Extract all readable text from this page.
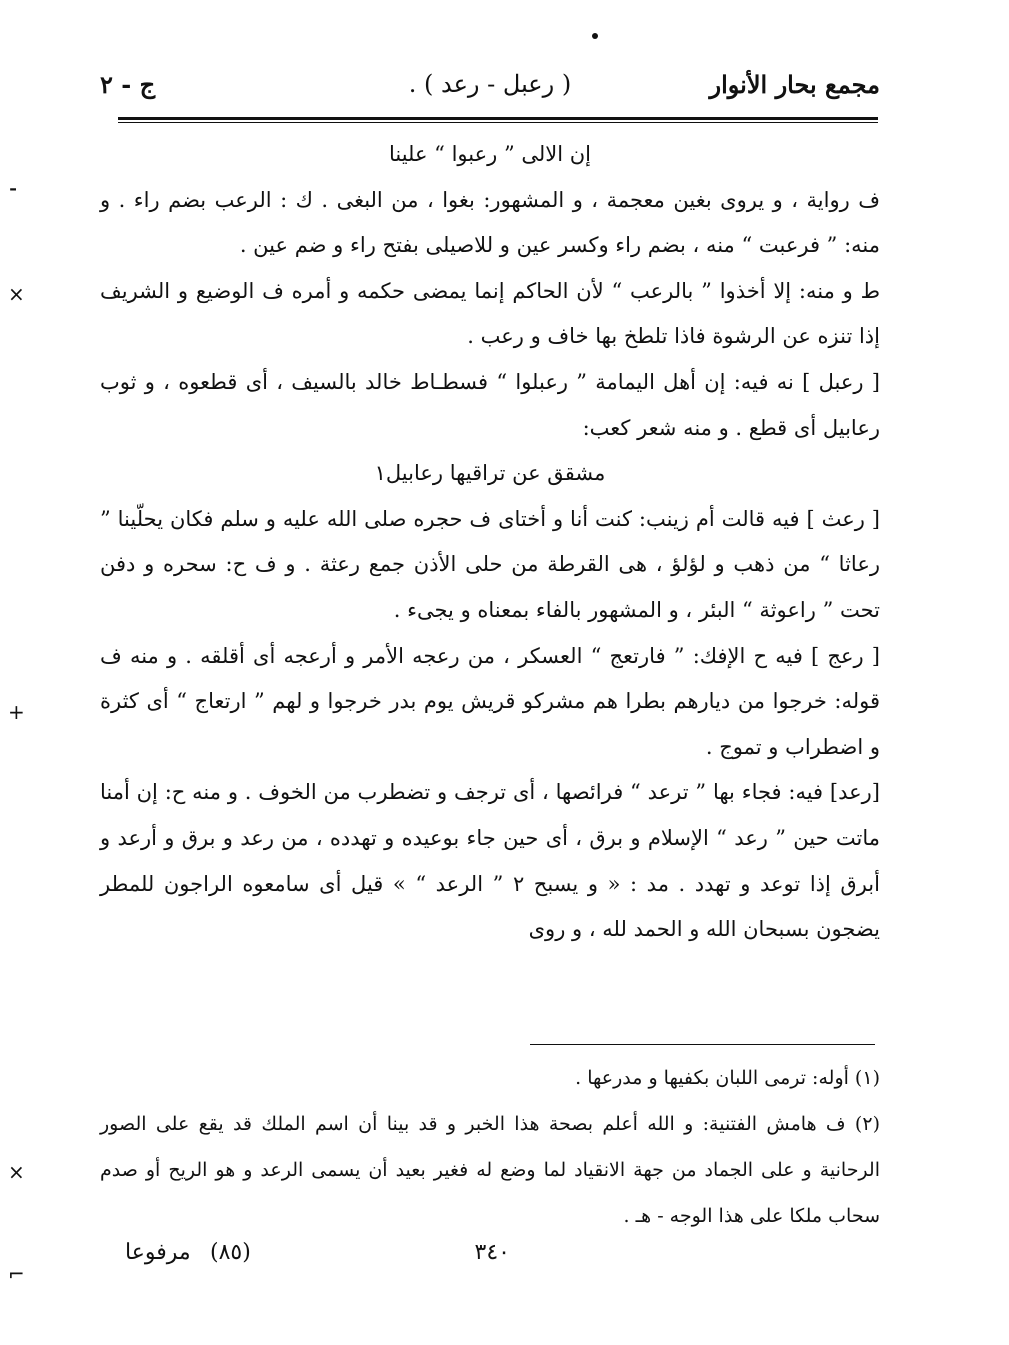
مجمع بحار الأنوار
( رعبل - رعد ) .
ج - ٢

إن الالى ” رعبوا “ علينا

ف رواية ، و يروى بغين معجمة ، و المشهور: بغوا ، من البغى . ك : الرعب بضم راء . و منه: ” فرعبت “ منه ، بضم راء وكسر عين و للاصيلى بفتح راء و ضم عين .

ط و منه: إلا أخذوا ” بالرعب “ لأن الحاكم إنما يمضى حكمه و أمره ف الوضيع و الشريف إذا تنزه عن الرشوة فاذا تلطخ بها خاف و رعب .

[ رعبل ] نه فيه: إن أهل اليمامة ” رعبلوا “ فسطـاط خالد بالسيف ، أى قطعوه ، و ثوب رعابيل أى قطع . و منه شعر كعب:

مشقق عن تراقيها رعابيل١

[ رعث ] فيه قالت أم زينب: كنت أنا و أختاى ف حجره صلى الله عليه و سلم فكان يحلّينا ” رعاثا “ من ذهب و لؤلؤ ، هى القرطة من حلى الأذن جمع رعثة . و ف ح: سحره و دفن تحت ” راعوثة “ البئر ، و المشهور بالفاء بمعناه و يجىء .

[ رعج ] فيه ح الإفك: ” فارتعج “ العسكر ، من رعجه الأمر و أرعجه أى أقلقه . و منه ف قوله: خرجوا من ديارهم بطرا هم مشركو قريش يوم بدر خرجوا و لهم ” ارتعاج “ أى كثرة و اضطراب و تموج .

[رعد] فيه: فجاء بها ” ترعد “ فرائصها ، أى ترجف و تضطرب من الخوف . و منه ح: إن أمنا ماتت حين ” رعد “ الإسلام و برق ، أى حين جاء بوعيده و تهدده ، من رعد و برق و أرعد و أبرق إذا توعد و تهدد . مد : « و يسبح ٢ ” الرعد “ » قيل أى سامعوه الراجون للمطر يضجون بسبحان الله و الحمد لله ، و روى

(١) أوله: ترمى اللبان بكفيها و مدرعها .

(٢) ف هامش الفتنية: و الله أعلم بصحة هذا الخبر و قد بينا أن اسم الملك قد يقع على الصور الرحانية و على الجماد من جهة الانقياد لما وضع له فغير بعيد أن يسمى الرعد و هو الريح أو صدم سحاب ملكا على هذا الوجه - هـ .

٣٤٠
(٨٥)
مرفوعا
⁃
×
+
×
⌐
